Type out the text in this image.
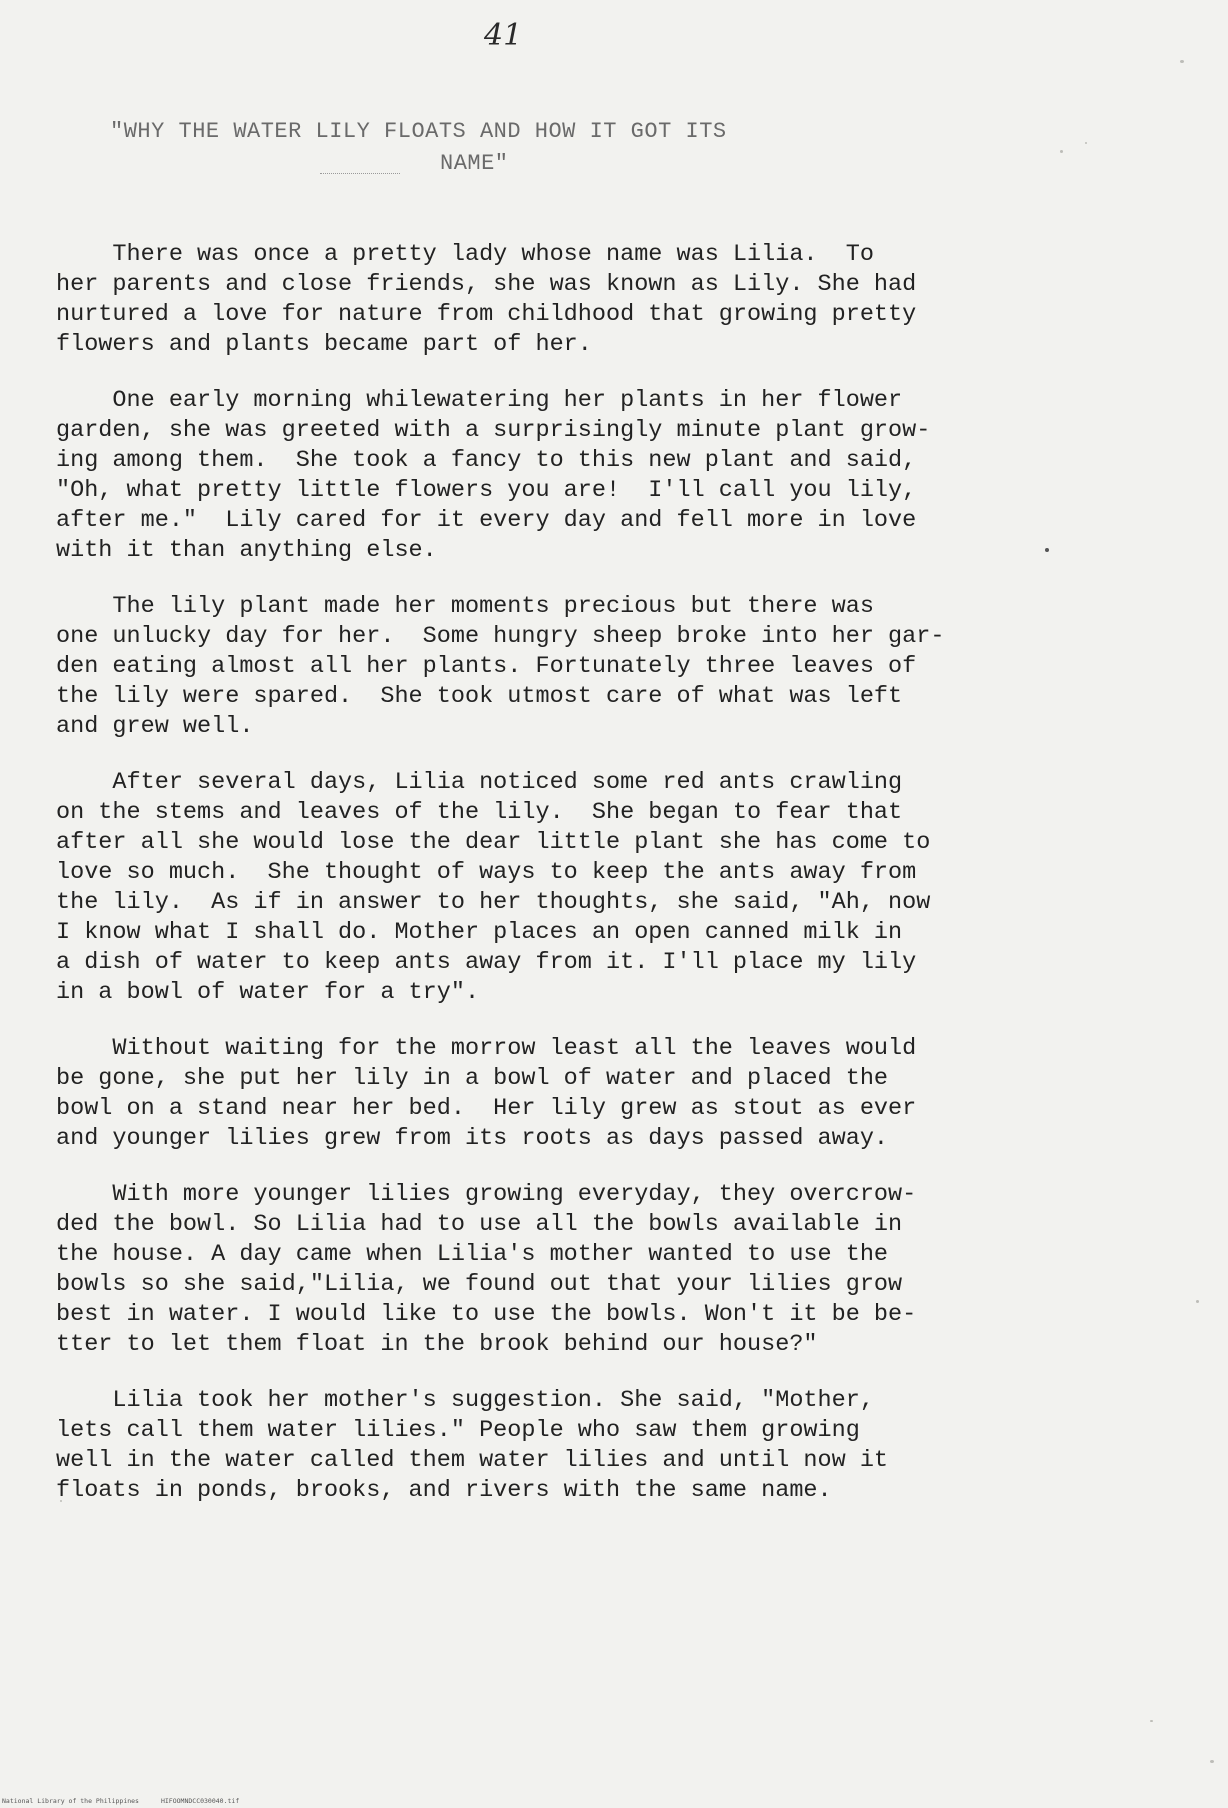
41
"WHY THE WATER LILY FLOATS AND HOW IT GOT ITS
NAME"
There was once a pretty lady whose name was Lilia.  To
her parents and close friends, she was known as Lily. She had
nurtured a love for nature from childhood that growing pretty
flowers and plants became part of her.
One early morning whilewatering her plants in her flower
garden, she was greeted with a surprisingly minute plant grow-
ing among them.  She took a fancy to this new plant and said,
"Oh, what pretty little flowers you are!  I'll call you lily,
after me."  Lily cared for it every day and fell more in love
with it than anything else.
The lily plant made her moments precious but there was
one unlucky day for her.  Some hungry sheep broke into her gar-
den eating almost all her plants. Fortunately three leaves of
the lily were spared.  She took utmost care of what was left
and grew well.
After several days, Lilia noticed some red ants crawling
on the stems and leaves of the lily.  She began to fear that
after all she would lose the dear little plant she has come to
love so much.  She thought of ways to keep the ants away from
the lily.  As if in answer to her thoughts, she said, "Ah, now
I know what I shall do. Mother places an open canned milk in
a dish of water to keep ants away from it. I'll place my lily
in a bowl of water for a try".
Without waiting for the morrow least all the leaves would
be gone, she put her lily in a bowl of water and placed the
bowl on a stand near her bed.  Her lily grew as stout as ever
and younger lilies grew from its roots as days passed away.
With more younger lilies growing everyday, they overcrow-
ded the bowl. So Lilia had to use all the bowls available in
the house. A day came when Lilia's mother wanted to use the
bowls so she said,"Lilia, we found out that your lilies grow
best in water. I would like to use the bowls. Won't it be be-
tter to let them float in the brook behind our house?"
Lilia took her mother's suggestion. She said, "Mother,
lets call them water lilies." People who saw them growing
well in the water called them water lilies and until now it
floats in ponds, brooks, and rivers with the same name.
National Library of the Philippines	HIFOOMNDCC030040.tif
